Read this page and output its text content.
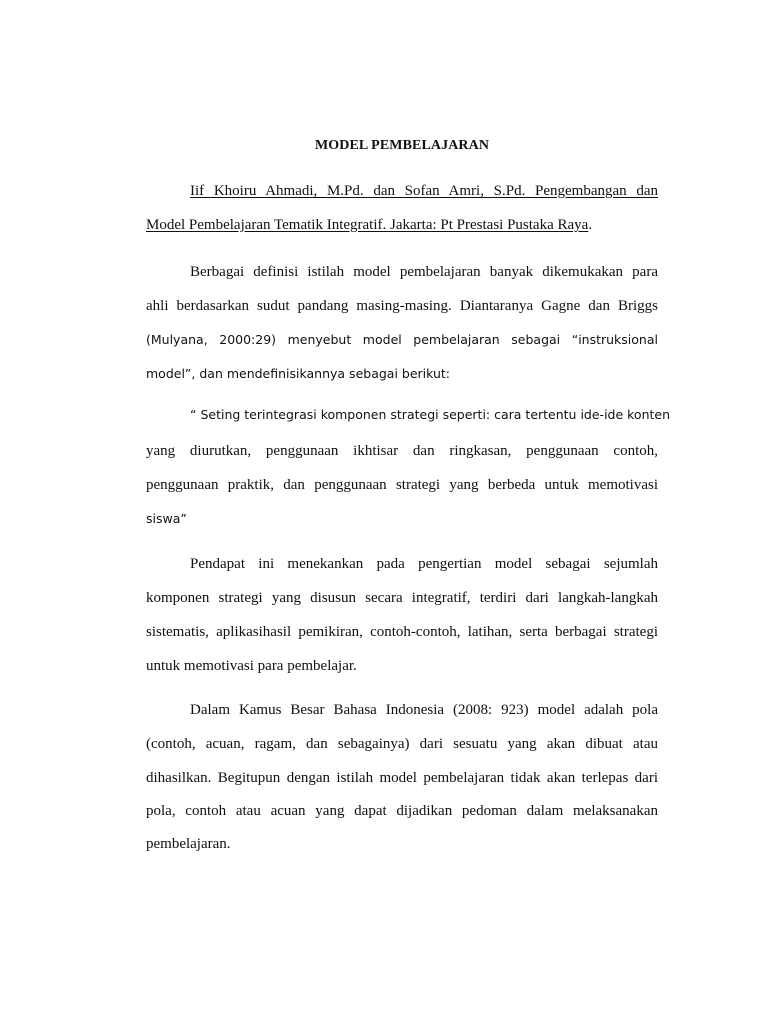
MODEL PEMBELAJARAN
Iif Khoiru Ahmadi, M.Pd. dan Sofan Amri, S.Pd. Pengembangan dan
Model Pembelajaran Tematik Integratif. Jakarta: Pt Prestasi Pustaka Raya.
Berbagai definisi istilah model pembelajaran banyak dikemukakan para
ahli berdasarkan sudut pandang masing-masing. Diantaranya Gagne dan Briggs
(Mulyana, 2000:29) menyebut model pembelajaran sebagai “instruksional
model”, dan mendefinisikannya sebagai berikut:
“ Seting terintegrasi komponen strategi seperti: cara tertentu ide-ide konten
yang diurutkan, penggunaan ikhtisar dan ringkasan, penggunaan contoh,
penggunaan praktik, dan penggunaan strategi yang berbeda untuk memotivasi
siswa”
Pendapat ini menekankan pada pengertian model sebagai sejumlah
komponen strategi yang disusun secara integratif, terdiri dari langkah-langkah
sistematis, aplikasihasil pemikiran, contoh-contoh, latihan, serta berbagai strategi
untuk memotivasi para pembelajar.
Dalam Kamus Besar Bahasa Indonesia (2008: 923) model adalah pola
(contoh, acuan, ragam, dan sebagainya) dari sesuatu yang akan dibuat atau
dihasilkan. Begitupun dengan istilah model pembelajaran tidak akan terlepas dari
pola, contoh atau acuan yang dapat dijadikan pedoman dalam melaksanakan
pembelajaran.
